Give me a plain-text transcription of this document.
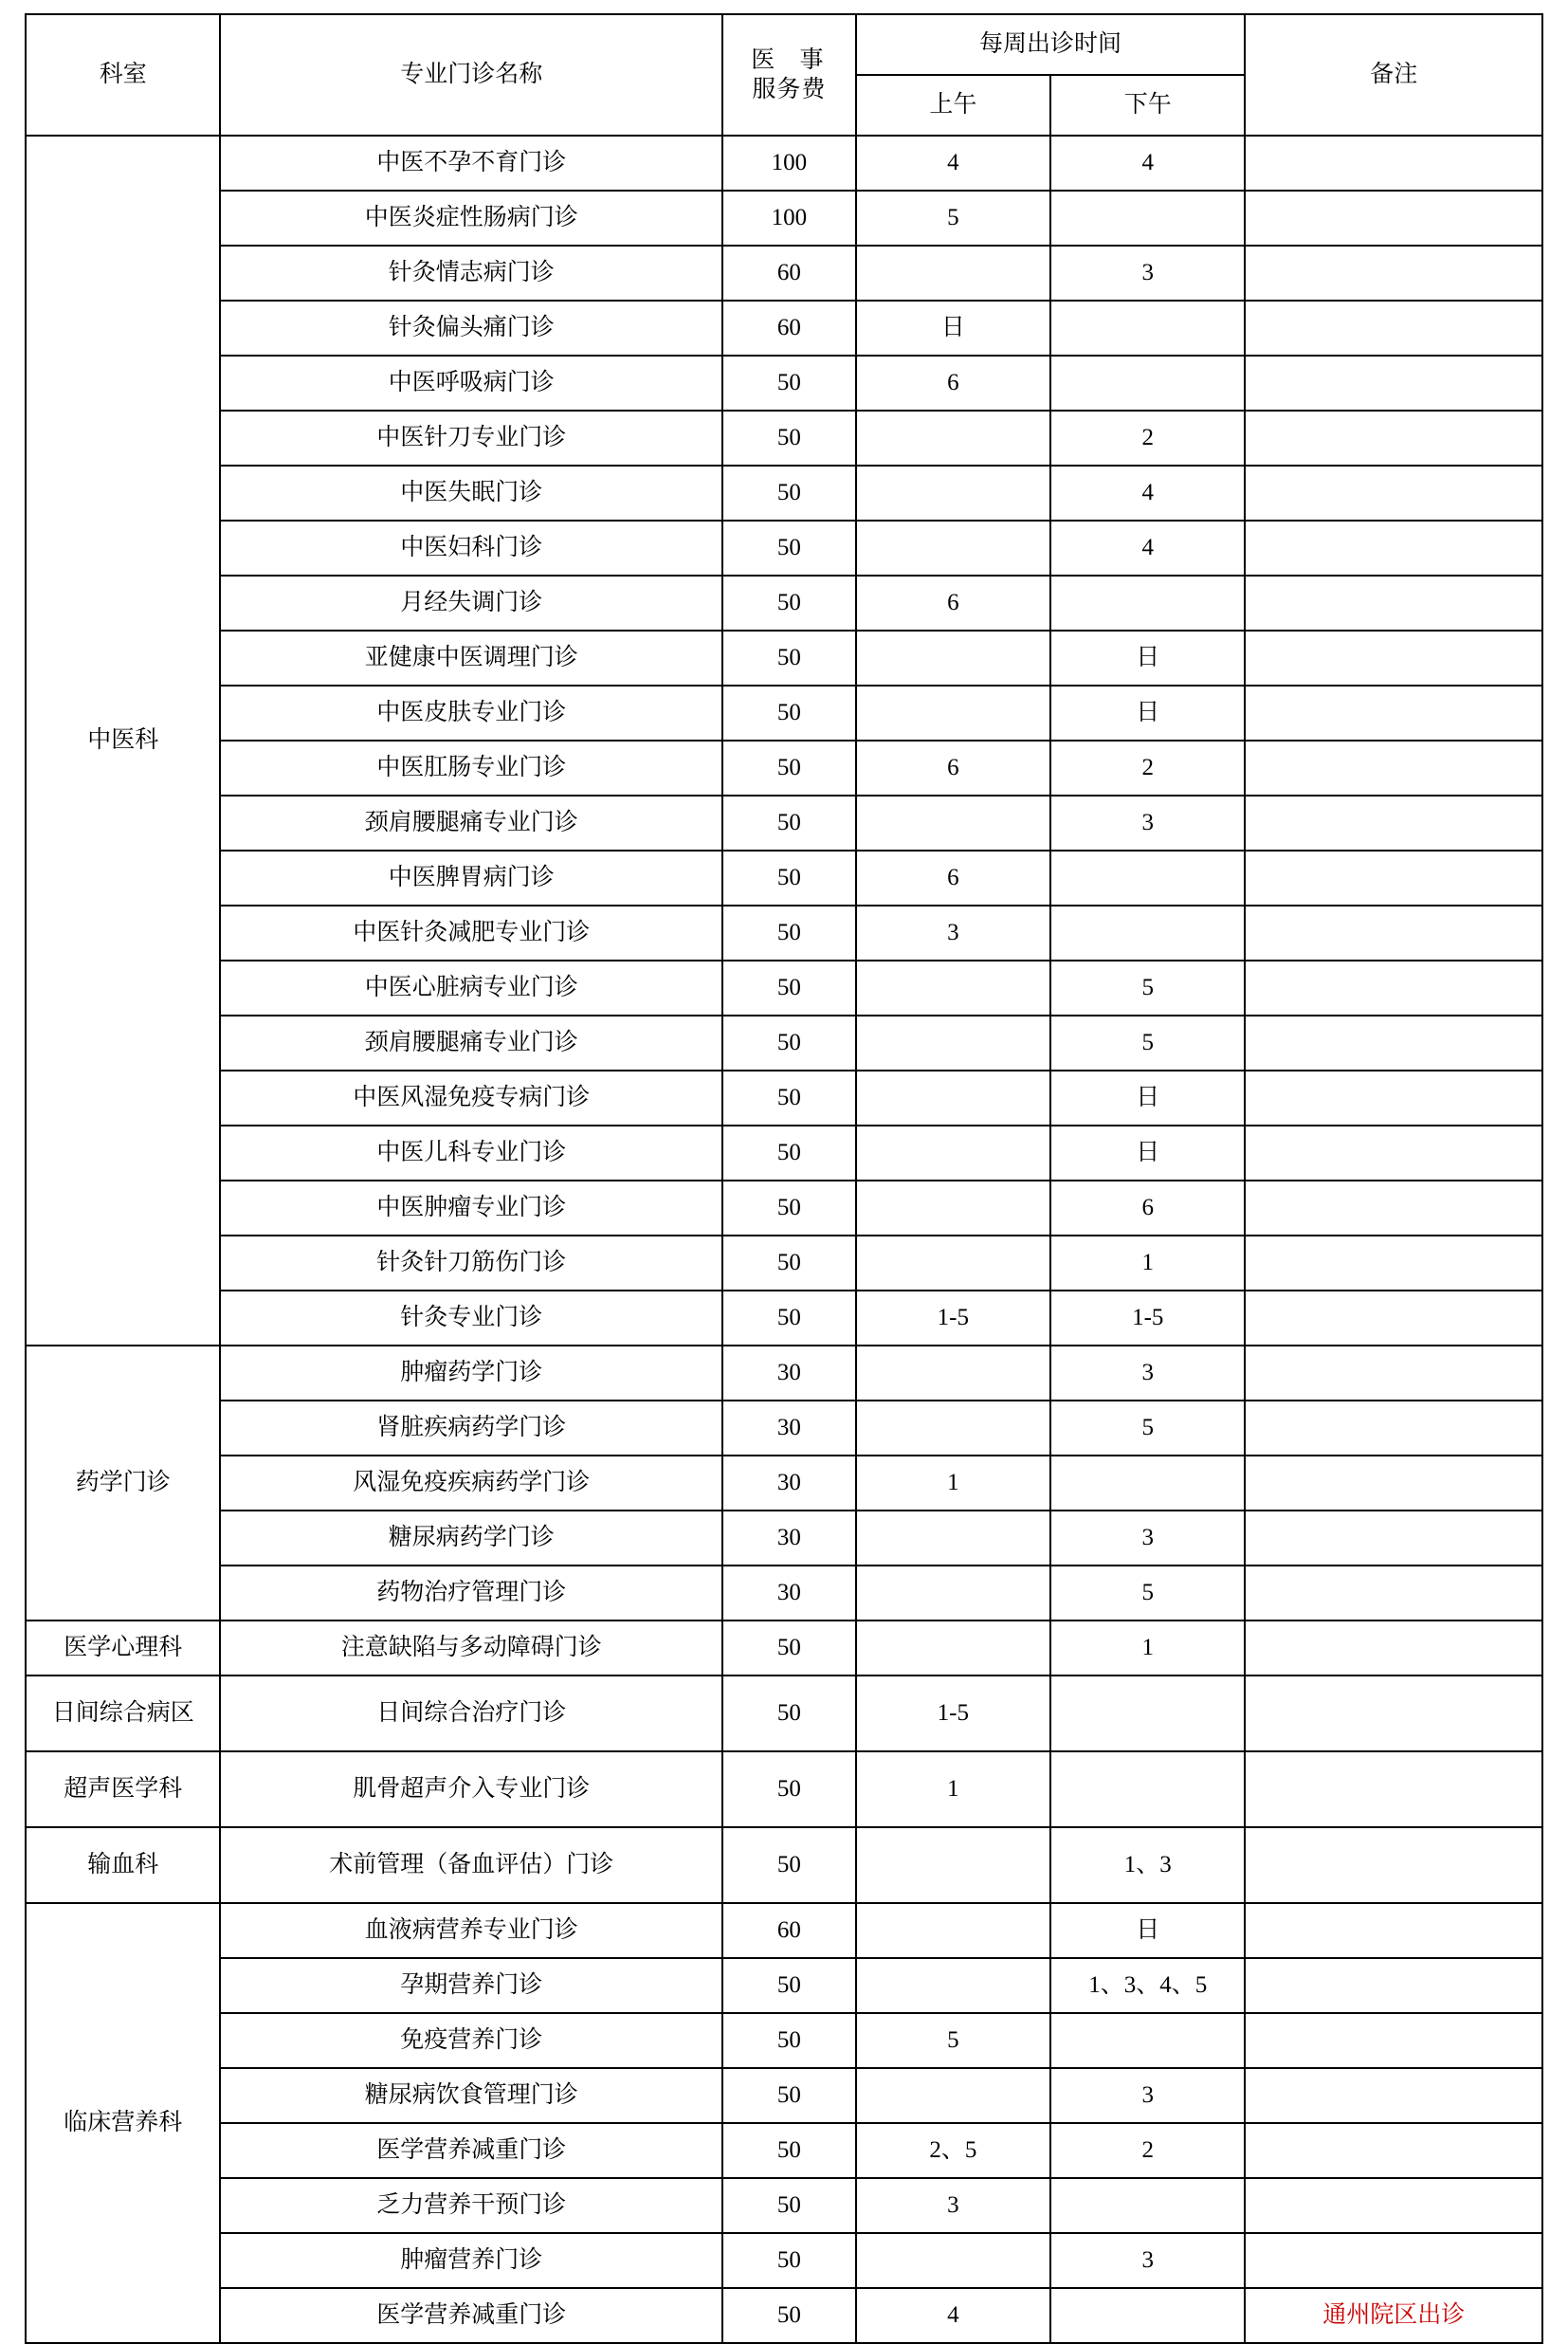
科室	专业门诊名称	医 事
服务费	每周出诊时间		备注
			上午	下午	
中医科	中医不孕不育门诊	100	4	4	
	中医炎症性肠病门诊	100	5		
	针灸情志病门诊	60		3	
	针灸偏头痛门诊	60	日		
	中医呼吸病门诊	50	6		
	中医针刀专业门诊	50		2	
	中医失眠门诊	50		4	
	中医妇科门诊	50		4	
	月经失调门诊	50	6		
	亚健康中医调理门诊	50		日	
	中医皮肤专业门诊	50		日	
	中医肛肠专业门诊	50	6	2	
	颈肩腰腿痛专业门诊	50		3	
	中医脾胃病门诊	50	6		
	中医针灸减肥专业门诊	50	3		
	中医心脏病专业门诊	50		5	
	颈肩腰腿痛专业门诊	50		5	
	中医风湿免疫专病门诊	50		日	
	中医儿科专业门诊	50		日	
	中医肿瘤专业门诊	50		6	
	针灸针刀筋伤门诊	50		1	
	针灸专业门诊	50	1-5	1-5	
药学门诊	肿瘤药学门诊	30		3	
	肾脏疾病药学门诊	30		5	
	风湿免疫疾病药学门诊	30	1		
	糖尿病药学门诊	30		3	
	药物治疗管理门诊	30		5	
医学心理科	注意缺陷与多动障碍门诊	50		1	
日间综合病区	日间综合治疗门诊	50	1-5		
超声医学科	肌骨超声介入专业门诊	50	1		
输血科	术前管理（备血评估）门诊	50		1、3	
临床营养科	血液病营养专业门诊	60		日	
	孕期营养门诊	50		1、3、4、5	
	免疫营养门诊	50	5		
	糖尿病饮食管理门诊	50		3	
	医学营养减重门诊	50	2、5	2	
	乏力营养干预门诊	50	3		
	肿瘤营养门诊	50		3	
	医学营养减重门诊	50	4		通州院区出诊
